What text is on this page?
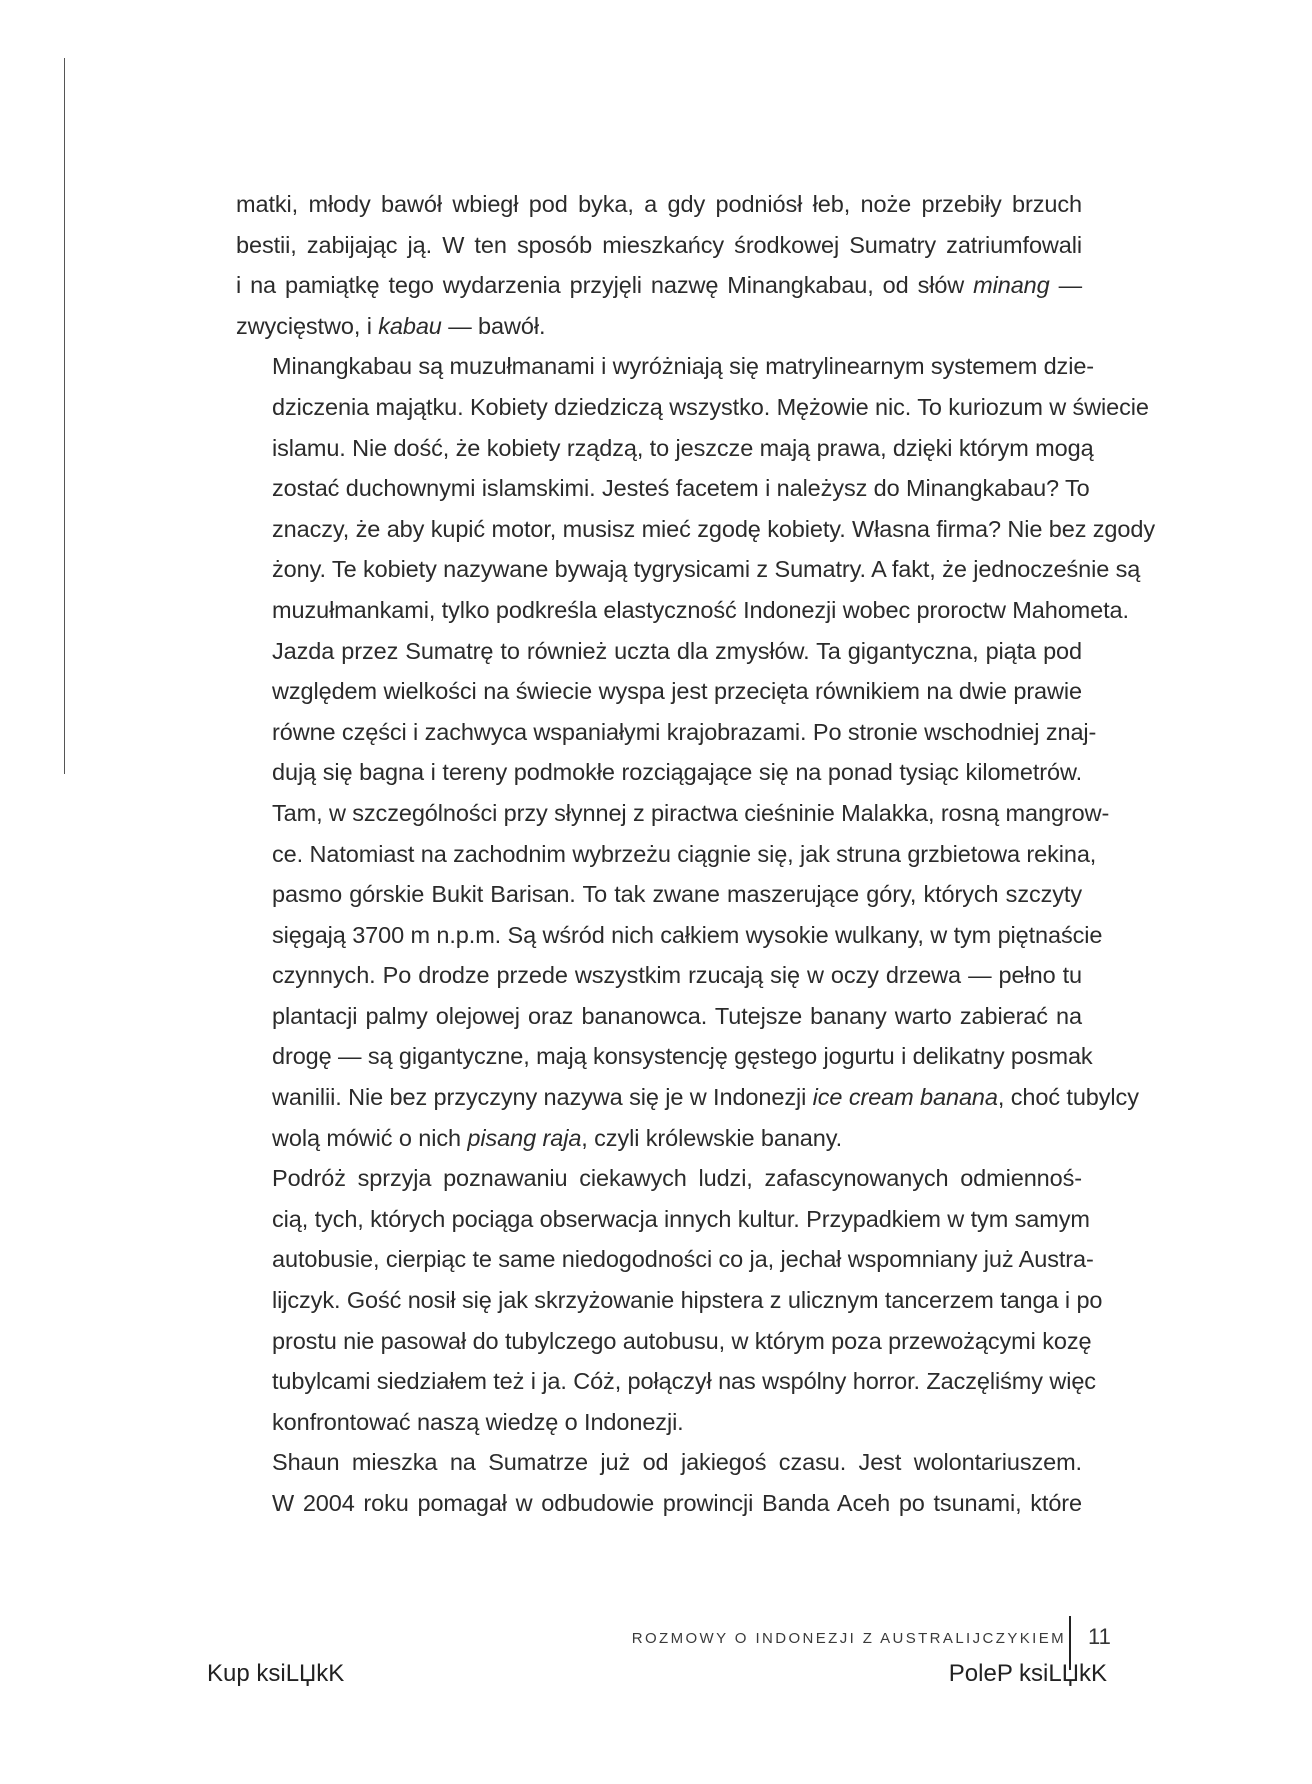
matki, młody bawół wbiegł pod byka, a gdy podniósł łeb, noże przebiły brzuch
bestii, zabijając ją. W ten sposób mieszkańcy środkowej Sumatry zatriumfowali
i na pamiątkę tego wydarzenia przyjęli nazwę Minangkabau, od słów minang —
zwycięstwo, i kabau — bawół.

Minangkabau są muzułmanami i wyróżniają się matrylinearnym systemem dzie-
dziczenia majątku. Kobiety dziedziczą wszystko. Mężowie nic. To kuriozum w świecie
islamu. Nie dość, że kobiety rządzą, to jeszcze mają prawa, dzięki którym mogą
zostać duchownymi islamskimi. Jesteś facetem i należysz do Minangkabau? To
znaczy, że aby kupić motor, musisz mieć zgodę kobiety. Własna firma? Nie bez zgody
żony. Te kobiety nazywane bywają tygrysicami z Sumatry. A fakt, że jednocześnie są
muzułmankami, tylko podkreśla elastyczność Indonezji wobec proroctw Mahometa.

Jazda przez Sumatrę to również uczta dla zmysłów. Ta gigantyczna, piąta pod
względem wielkości na świecie wyspa jest przecięta równikiem na dwie prawie
równe części i zachwyca wspaniałymi krajobrazami. Po stronie wschodniej znaj-
dują się bagna i tereny podmokłe rozciągające się na ponad tysiąc kilometrów.
Tam, w szczególności przy słynnej z piractwa cieśninie Malakka, rosną mangrow-
ce. Natomiast na zachodnim wybrzeżu ciągnie się, jak struna grzbietowa rekina,
pasmo górskie Bukit Barisan. To tak zwane maszerujące góry, których szczyty
sięgają 3700 m n.p.m. Są wśród nich całkiem wysokie wulkany, w tym piętnaście
czynnych. Po drodze przede wszystkim rzucają się w oczy drzewa — pełno tu
plantacji palmy olejowej oraz bananowca. Tutejsze banany warto zabierać na
drogę — są gigantyczne, mają konsystencję gęstego jogurtu i delikatny posmak
wanilii. Nie bez przyczyny nazywa się je w Indonezji ice cream banana, choć tubylcy
wolą mówić o nich pisang raja, czyli królewskie banany.

Podróż sprzyja poznawaniu ciekawych ludzi, zafascynowanych odmiennoś-
cią, tych, których pociąga obserwacja innych kultur. Przypadkiem w tym samym
autobusie, cierpiąc te same niedogodności co ja, jechał wspomniany już Austra-
lijczyk. Gość nosił się jak skrzyżowanie hipstera z ulicznym tancerzem tanga i po
prostu nie pasował do tubylczego autobusu, w którym poza przewożącymi kozę
tubylcami siedziałem też i ja. Cóż, połączył nas wspólny horror. Zaczęliśmy więc
konfrontować naszą wiedzę o Indonezji.

Shaun mieszka na Sumatrze już od jakiegoś czasu. Jest wolontariuszem.
W 2004 roku pomagał w odbudowie prowincji Banda Aceh po tsunami, które

ROZMOWY O INDONEZJI Z AUSTRALIJCZYKIEM 11
Kup ksiLЏkK	PoleP ksiLЏkK
